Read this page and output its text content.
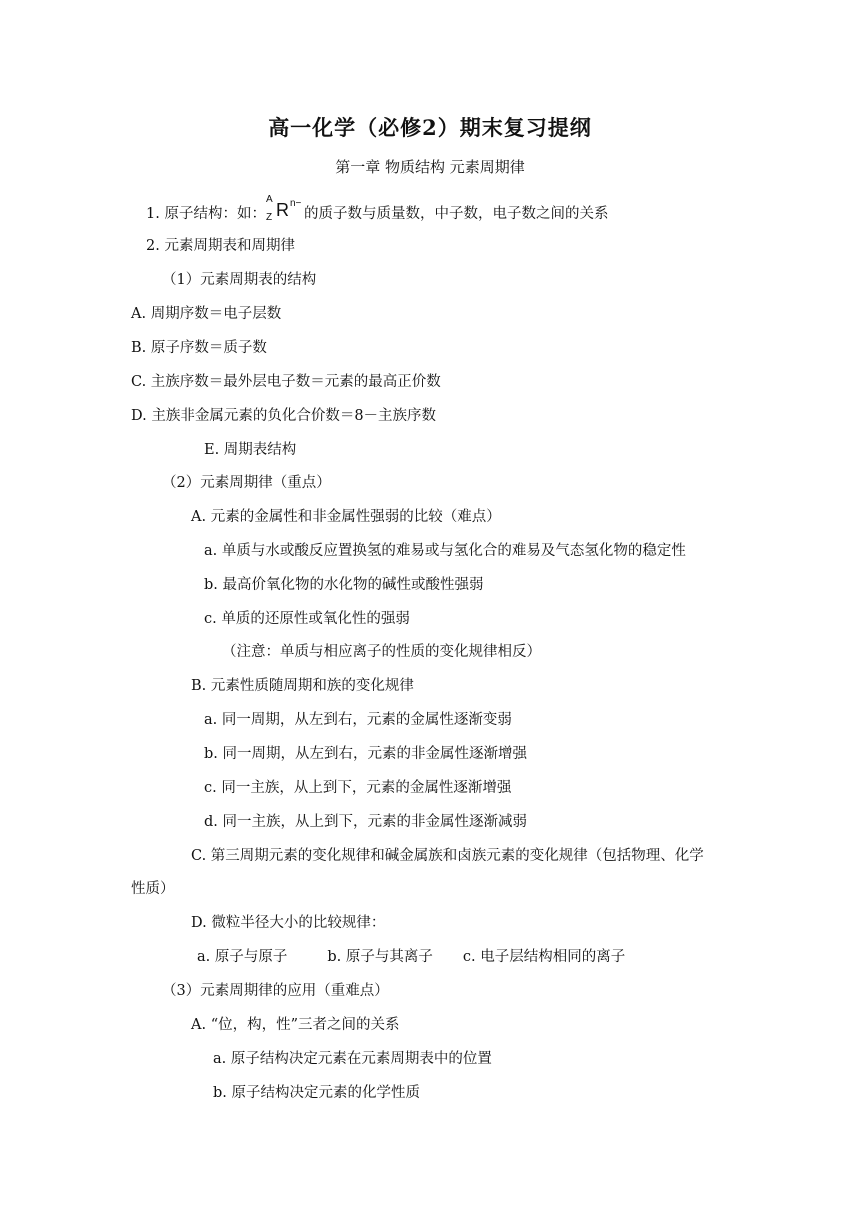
高一化学（必修2）期末复习提纲
第一章 物质结构 元素周期律
1. 原子结构：如：
A
Z R n−
的质子数与质量数，中子数，电子数之间的关系
2. 元素周期表和周期律
（1）元素周期表的结构
A. 周期序数＝电子层数
B. 原子序数＝质子数
C. 主族序数＝最外层电子数＝元素的最高正价数
D. 主族非金属元素的负化合价数＝8－主族序数
E. 周期表结构
（2）元素周期律（重点）
A. 元素的金属性和非金属性强弱的比较（难点）
a. 单质与水或酸反应置换氢的难易或与氢化合的难易及气态氢化物的稳定性
b. 最高价氧化物的水化物的碱性或酸性强弱
c. 单质的还原性或氧化性的强弱
（注意：单质与相应离子的性质的变化规律相反）
B. 元素性质随周期和族的变化规律
a. 同一周期，从左到右，元素的金属性逐渐变弱
b. 同一周期，从左到右，元素的非金属性逐渐增强
c. 同一主族，从上到下，元素的金属性逐渐增强
d. 同一主族，从上到下，元素的非金属性逐渐减弱
C. 第三周期元素的变化规律和碱金属族和卤族元素的变化规律（包括物理、化学
性质）
D. 微粒半径大小的比较规律：
a. 原子与原子	b. 原子与其离子 c. 电子层结构相同的离子
（3）元素周期律的应用（重难点）
A. “位，构，性”三者之间的关系
a. 原子结构决定元素在元素周期表中的位置
b. 原子结构决定元素的化学性质
